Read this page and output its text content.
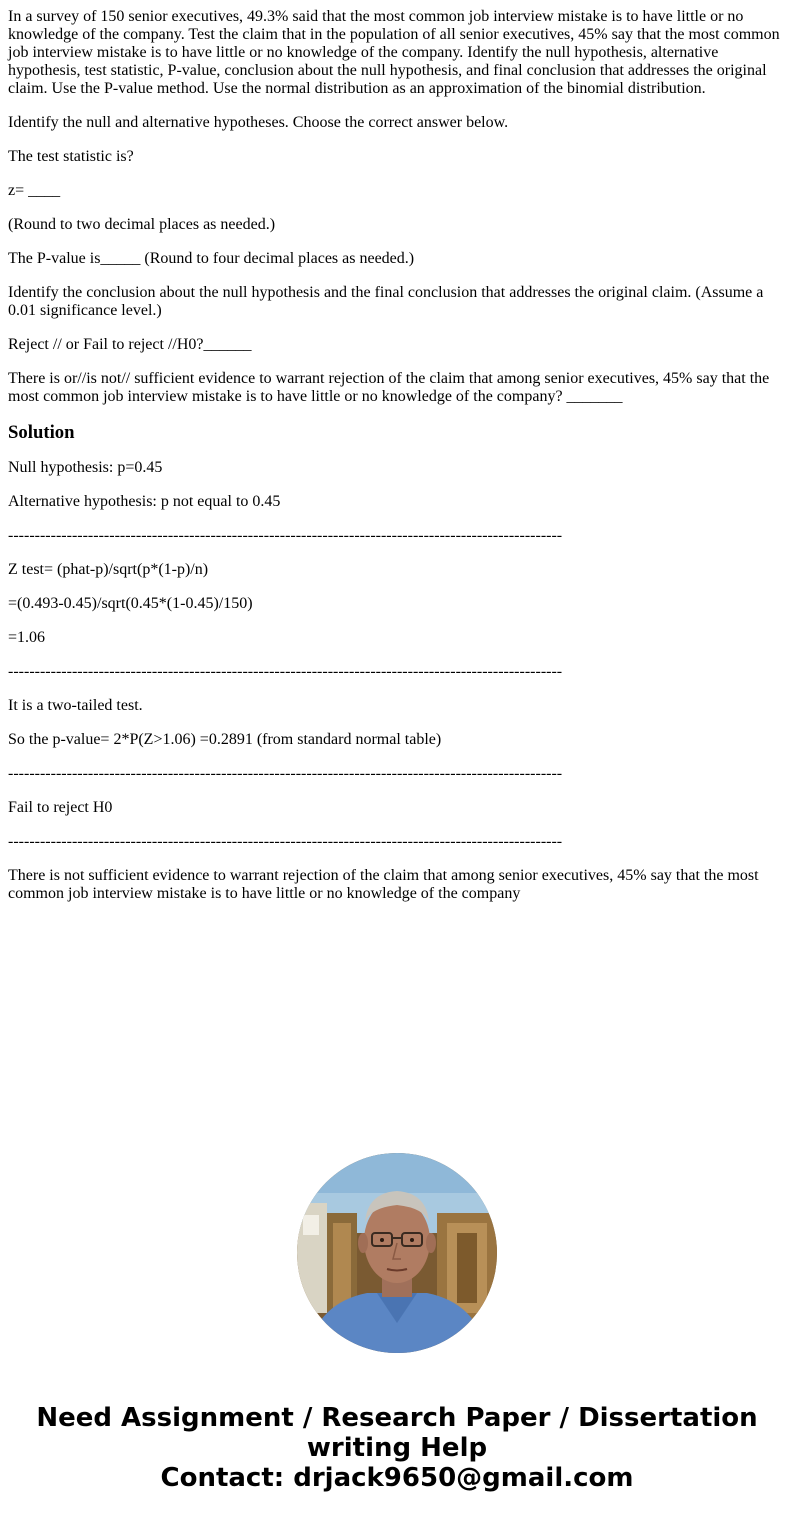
In a survey of 150 senior executives, 49.3% said that the most common job interview mistake is to have little or no knowledge of the company. Test the claim that in the population of all senior executives, 45% say that the most common job interview mistake is to have little or no knowledge of the company. Identify the null hypothesis, alternative hypothesis, test statistic, P-value, conclusion about the null hypothesis, and final conclusion that addresses the original claim. Use the P-value method. Use the normal distribution as an approximation of the binomial distribution.

Identify the null and alternative hypotheses. Choose the correct answer below.

The test statistic is?

z= ____

(Round to two decimal places as needed.)

The P-value is_____ (Round to four decimal places as needed.)

Identify the conclusion about the null hypothesis and the final conclusion that addresses the original claim. (Assume a 0.01 significance level.)

Reject // or Fail to reject //H0?______

There is or//is not// sufficient evidence to warrant rejection of the claim that among senior executives, 45% say that the most common job interview mistake is to have little or no knowledge of the company? _______

Solution

Null hypothesis: p=0.45

Alternative hypothesis: p not equal to 0.45

--------------------------------------------------------------------------------------------------------

Z test= (phat-p)/sqrt(p*(1-p)/n)

=(0.493-0.45)/sqrt(0.45*(1-0.45)/150)

=1.06

--------------------------------------------------------------------------------------------------------

It is a two-tailed test.

So the p-value= 2*P(Z>1.06) =0.2891 (from standard normal table)

--------------------------------------------------------------------------------------------------------

Fail to reject H0

--------------------------------------------------------------------------------------------------------

There is not sufficient evidence to warrant rejection of the claim that among senior executives, 45% say that the most common job interview mistake is to have little or no knowledge of the company

Need Assignment / Research Paper / Dissertation
writing Help
Contact: drjack9650@gmail.com
